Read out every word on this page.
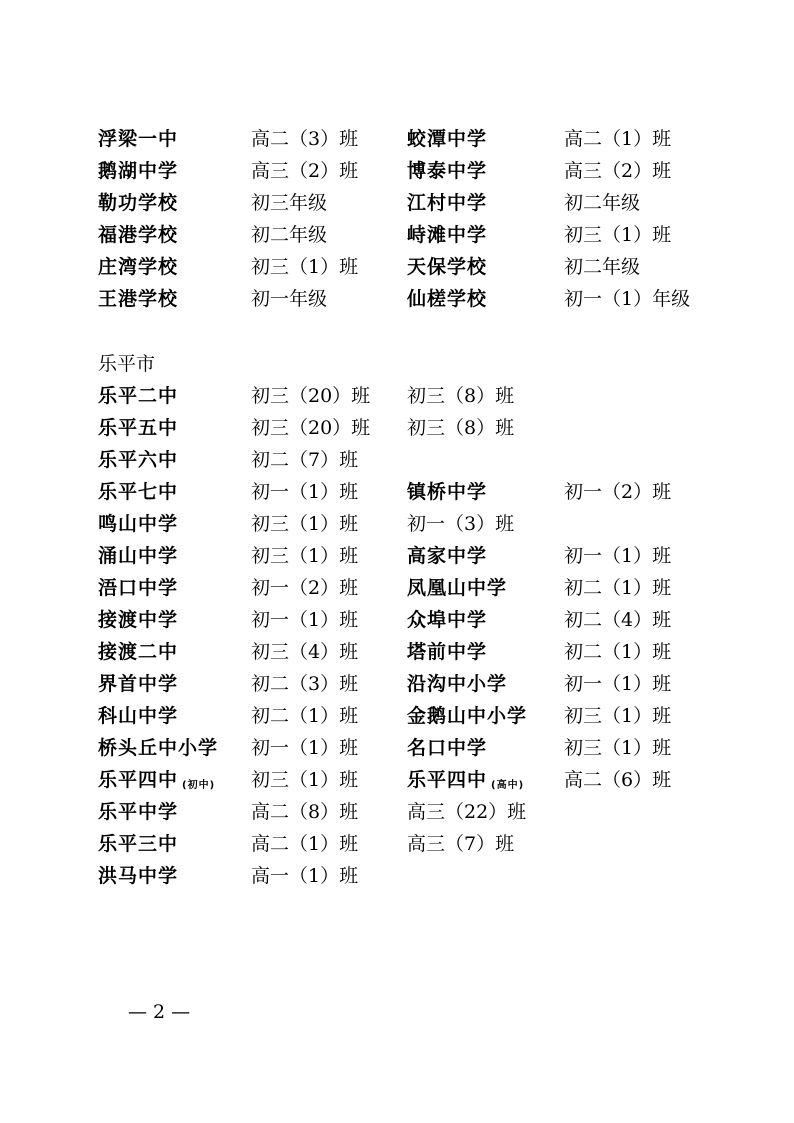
浮梁一中	高二（3）班	蛟潭中学	高二（1）班
鹅湖中学	高三（2）班	博泰中学	高三（2）班
勒功学校	初三年级	江村中学	初二年级
福港学校	初二年级	峙滩中学	初三（1）班
庄湾学校	初三（1）班	天保学校	初二年级
王港学校	初一年级	仙槎学校	初一（1）年级
乐平市
乐平二中	初三（20）班 初三（8）班
乐平五中	初三（20）班 初三（8）班
乐平六中	初二（7）班
乐平七中	初一（1）班	镇桥中学	初一（2）班
鸣山中学	初三（1）班	初一（3）班
涌山中学	初三（1）班	高家中学	初一（1）班
浯口中学	初一（2）班	凤凰山中学	初二（1）班
接渡中学	初一（1）班	众埠中学	初二（4）班
接渡二中	初三（4）班	塔前中学	初二（1）班
界首中学	初二（3）班	沿沟中小学	初一（1）班
科山中学	初二（1）班	金鹅山中小学 初三（1）班
桥头丘中小学 初一（1）班	名口中学	初三（1）班
乐平四中 (初中) 初三（1）班	乐平四中 (高中) 高二（6）班
乐平中学	高二（8）班	高三（22）班
乐平三中	高二（1）班	高三（7）班
洪马中学	高一（1）班
— 2 —
